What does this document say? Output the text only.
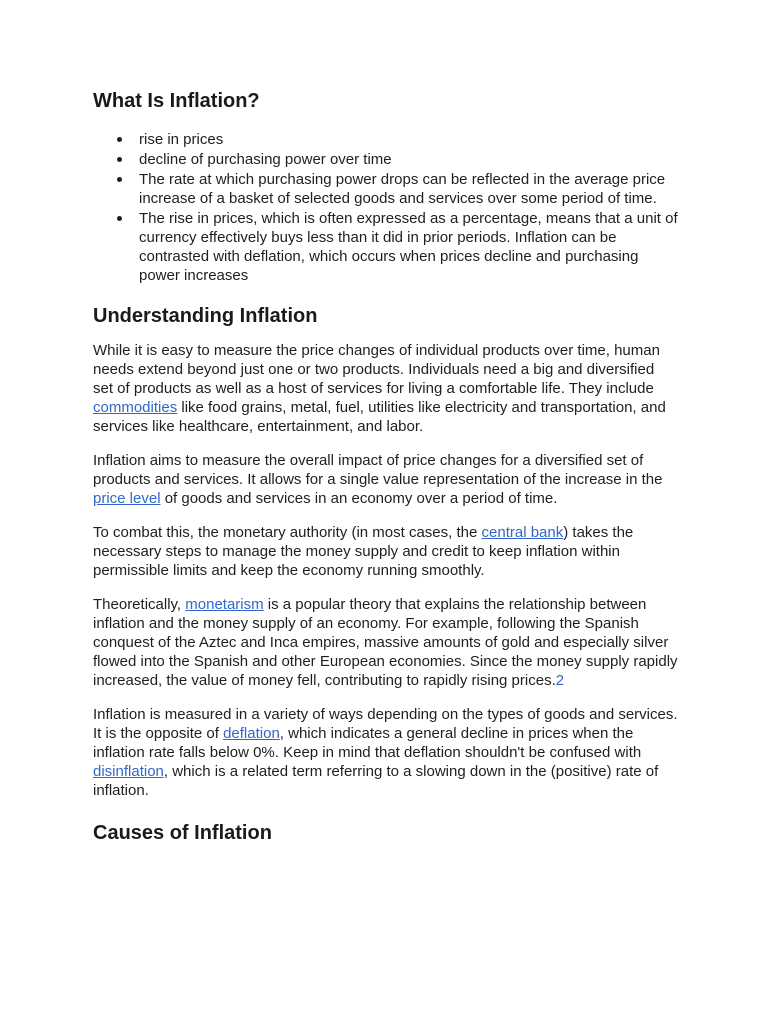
What Is Inflation?
rise in prices
decline of purchasing power over time
The rate at which purchasing power drops can be reflected in the average price increase of a basket of selected goods and services over some period of time.
The rise in prices, which is often expressed as a percentage, means that a unit of currency effectively buys less than it did in prior periods. Inflation can be contrasted with deflation, which occurs when prices decline and purchasing power increases
Understanding Inflation

While it is easy to measure the price changes of individual products over time, human needs extend beyond just one or two products. Individuals need a big and diversified set of products as well as a host of services for living a comfortable life. They include commodities like food grains, metal, fuel, utilities like electricity and transportation, and services like healthcare, entertainment, and labor.

Inflation aims to measure the overall impact of price changes for a diversified set of products and services. It allows for a single value representation of the increase in the price level of goods and services in an economy over a period of time.

To combat this, the monetary authority (in most cases, the central bank) takes the necessary steps to manage the money supply and credit to keep inflation within permissible limits and keep the economy running smoothly.

Theoretically, monetarism is a popular theory that explains the relationship between inflation and the money supply of an economy. For example, following the Spanish conquest of the Aztec and Inca empires, massive amounts of gold and especially silver flowed into the Spanish and other European economies. Since the money supply rapidly increased, the value of money fell, contributing to rapidly rising prices.2

Inflation is measured in a variety of ways depending on the types of goods and services. It is the opposite of deflation, which indicates a general decline in prices when the inflation rate falls below 0%. Keep in mind that deflation shouldn't be confused with disinflation, which is a related term referring to a slowing down in the (positive) rate of inflation.

Causes of Inflation
